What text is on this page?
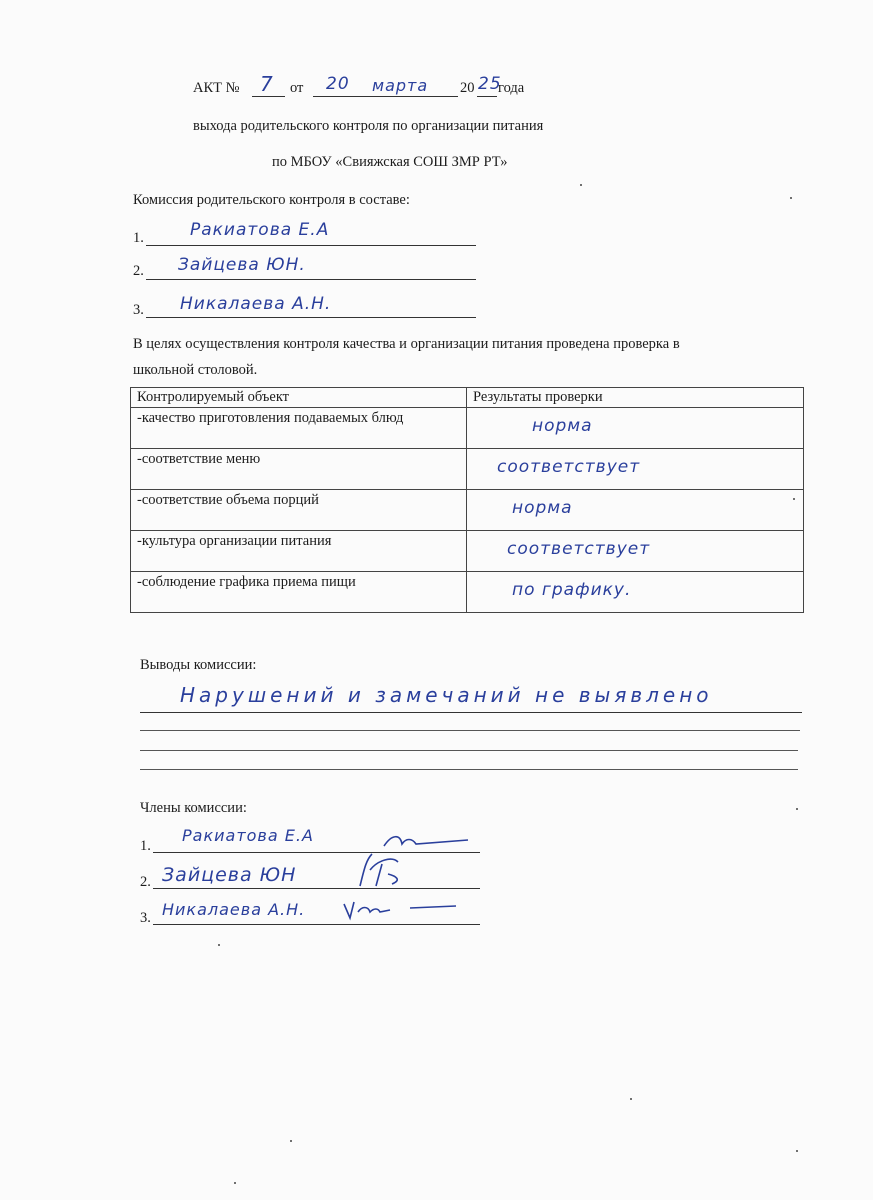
АКТ № 7 от 20 марта 20 25
года
выхода родительского контроля по организации питания
по МБОУ «Свияжская СОШ ЗМР РТ»
Комиссия родительского контроля в составе:
1.	Ракиатова Е.А
2. Зайцева ЮН.
3. Никалаева А.Н.
В целях осуществления контроля качества и организации питания проведена проверка в
школьной столовой.
Контролируемый объект	Результаты проверки
-качество приготовления подаваемых блюд	норма

-соответствие меню	соответствует

-соответствие объема порций	норма

-культура организации питания	соответствует

-соблюдение графика приема пищи	по графику.
Выводы комиссии:
Нарушений и замечаний не выявлено
Члены комиссии:
1.
Ракиатова Е.А
2. Зайцева ЮН
3. Никалаева А.Н.
